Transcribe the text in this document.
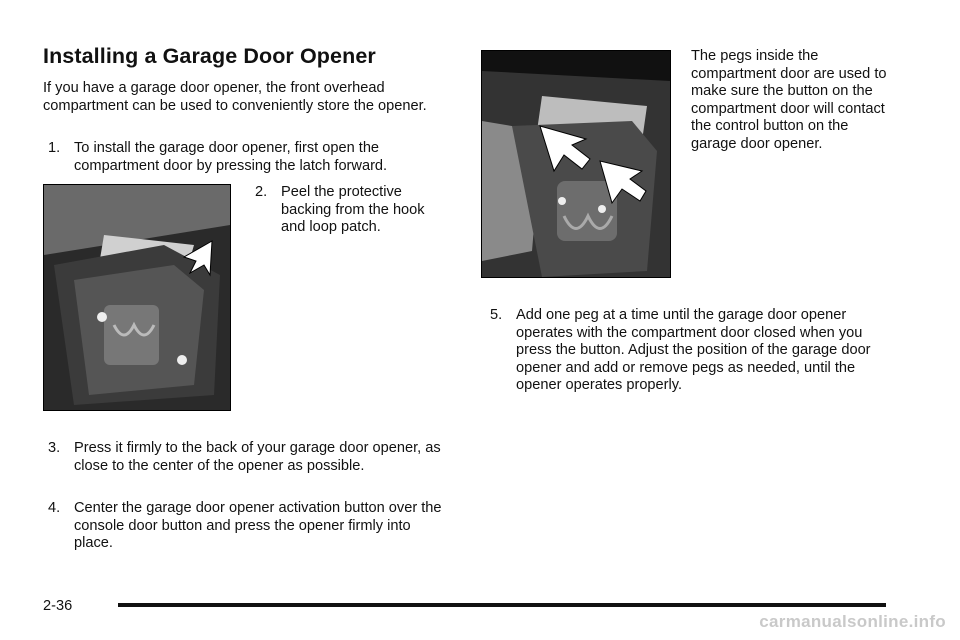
Installing a Garage Door Opener
If you have a garage door opener, the front overhead compartment can be used to conveniently store the opener.
1. To install the garage door opener, first open the compartment door by pressing the latch forward.
2. Peel the protective backing from the hook and loop patch.
3. Press it firmly to the back of your garage door opener, as close to the center of the opener as possible.
4. Center the garage door opener activation button over the console door button and press the opener firmly into place.
The pegs inside the compartment door are used to make sure the button on the compartment door will contact the control button on the garage door opener.
5. Add one peg at a time until the garage door opener operates with the compartment door closed when you press the button. Adjust the position of the garage door opener and add or remove pegs as needed, until the opener operates properly.
2-36
carmanualsonline.info
